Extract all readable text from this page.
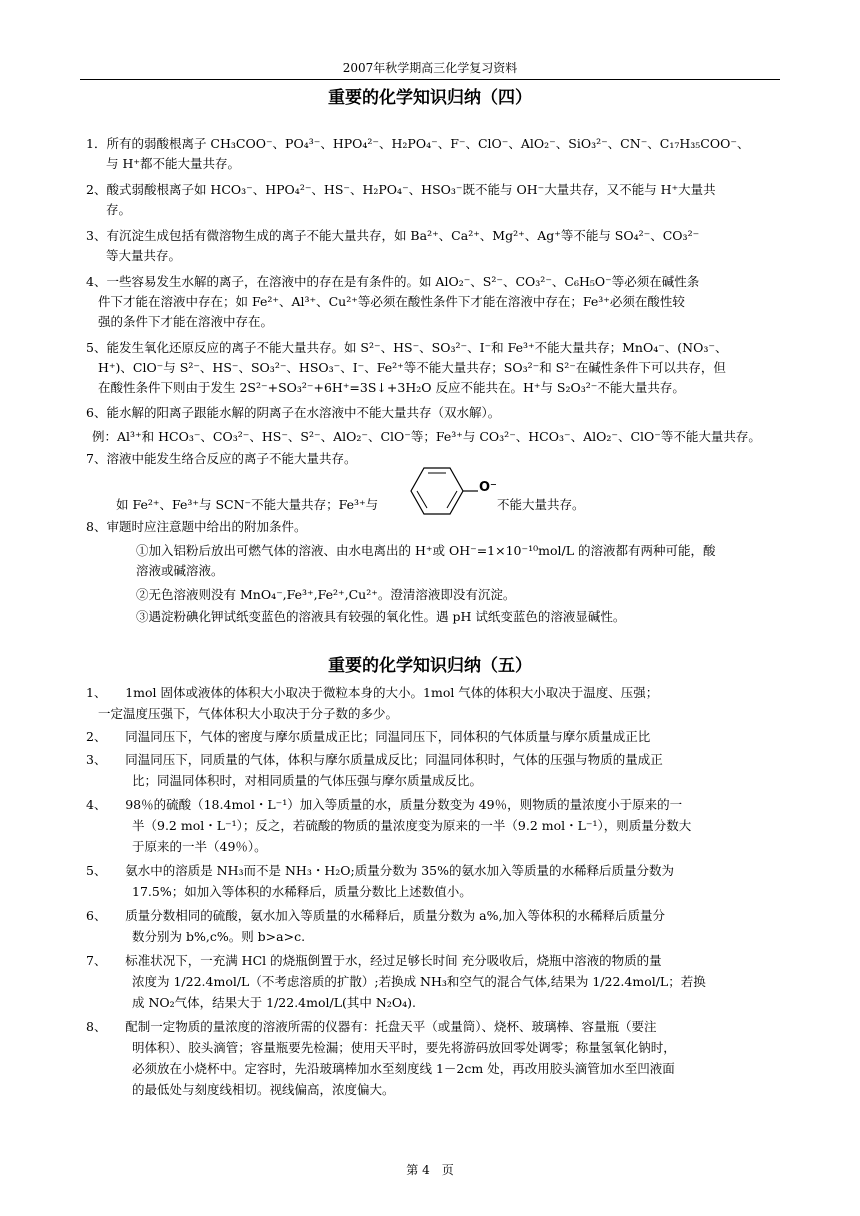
2007年秋学期高三化学复习资料
重要的化学知识归纳（四）
1．所有的弱酸根离子 CH₃COO⁻、PO₄³⁻、HPO₄²⁻、H₂PO₄⁻、F⁻、ClO⁻、AlO₂⁻、SiO₃²⁻、CN⁻、C₁₇H₃₅COO⁻、
与 H⁺都不能大量共存。
2、酸式弱酸根离子如 HCO₃⁻、HPO₄²⁻、HS⁻、H₂PO₄⁻、HSO₃⁻既不能与 OH⁻大量共存，又不能与 H⁺大量共
存。
3、有沉淀生成包括有微溶物生成的离子不能大量共存，如 Ba²⁺、Ca²⁺、Mg²⁺、Ag⁺等不能与 SO₄²⁻、CO₃²⁻
等大量共存。
4、一些容易发生水解的离子，在溶液中的存在是有条件的。如 AlO₂⁻、S²⁻、CO₃²⁻、C₆H₅O⁻等必须在碱性条
件下才能在溶液中存在；如 Fe²⁺、Al³⁺、Cu²⁺等必须在酸性条件下才能在溶液中存在；Fe³⁺必须在酸性较
强的条件下才能在溶液中存在。
5、能发生氧化还原反应的离子不能大量共存。如 S²⁻、HS⁻、SO₃²⁻、I⁻和 Fe³⁺不能大量共存；MnO₄⁻、(NO₃⁻、
H⁺)、ClO⁻与 S²⁻、HS⁻、SO₃²⁻、HSO₃⁻、I⁻、Fe²⁺等不能大量共存；SO₃²⁻和 S²⁻在碱性条件下可以共存，但
在酸性条件下则由于发生 2S²⁻+SO₃²⁻+6H⁺=3S↓+3H₂O 反应不能共在。H⁺与 S₂O₃²⁻不能大量共存。
6、能水解的阳离子跟能水解的阴离子在水溶液中不能大量共存（双水解）。
例：Al³⁺和 HCO₃⁻、CO₃²⁻、HS⁻、S²⁻、AlO₂⁻、ClO⁻等；Fe³⁺与 CO₃²⁻、HCO₃⁻、AlO₂⁻、ClO⁻等不能大量共存。
7、溶液中能发生络合反应的离子不能大量共存。
如 Fe²⁺、Fe³⁺与 SCN⁻不能大量共存；Fe³⁺与
O⁻
不能大量共存。
8、审题时应注意题中给出的附加条件。
①加入铝粉后放出可燃气体的溶液、由水电离出的 H⁺或 OH⁻=1×10⁻¹⁰mol/L 的溶液都有两种可能，酸
溶液或碱溶液。
②无色溶液则没有 MnO₄⁻,Fe³⁺,Fe²⁺,Cu²⁺。澄清溶液即没有沉淀。
③遇淀粉碘化钾试纸变蓝色的溶液具有较强的氧化性。遇 pH 试纸变蓝色的溶液显碱性。
重要的化学知识归纳（五）
1、　　1mol 固体或液体的体积大小取决于微粒本身的大小。1mol 气体的体积大小取决于温度、压强；
一定温度压强下，气体体积大小取决于分子数的多少。
2、　　同温同压下，气体的密度与摩尔质量成正比；同温同压下，同体积的气体质量与摩尔质量成正比
3、　　同温同压下，同质量的气体，体积与摩尔质量成反比；同温同体积时，气体的压强与物质的量成正
比；同温同体积时，对相同质量的气体压强与摩尔质量成反比。
4、　　98％的硫酸（18.4mol・L⁻¹）加入等质量的水，质量分数变为 49％，则物质的量浓度小于原来的一
半（9.2 mol・L⁻¹）；反之，若硫酸的物质的量浓度变为原来的一半（9.2 mol・L⁻¹），则质量分数大
于原来的一半（49％）。
5、　　氨水中的溶质是 NH₃而不是 NH₃・H₂O;质量分数为 35%的氨水加入等质量的水稀释后质量分数为
17.5%；如加入等体积的水稀释后，质量分数比上述数值小。
6、　　质量分数相同的硫酸，氨水加入等质量的水稀释后，质量分数为 a%,加入等体积的水稀释后质量分
数分别为 b%,c%。则 b>a>c.
7、　　标准状况下，一充满 HCl 的烧瓶倒置于水，经过足够长时间 充分吸收后，烧瓶中溶液的物质的量
浓度为 1/22.4mol/L（不考虑溶质的扩散）;若换成 NH₃和空气的混合气体,结果为 1/22.4mol/L；若换
成 NO₂气体，结果大于 1/22.4mol/L(其中 N₂O₄).
8、　　配制一定物质的量浓度的溶液所需的仪器有：托盘天平（或量筒）、烧杯、玻璃棒、容量瓶（要注
明体积）、胶头滴管；容量瓶要先检漏；使用天平时，要先将游码放回零处调零；称量氢氧化钠时，
必须放在小烧杯中。定容时，先沿玻璃棒加水至刻度线 1－2cm 处，再改用胶头滴管加水至凹液面
的最低处与刻度线相切。视线偏高，浓度偏大。
第 4　页
